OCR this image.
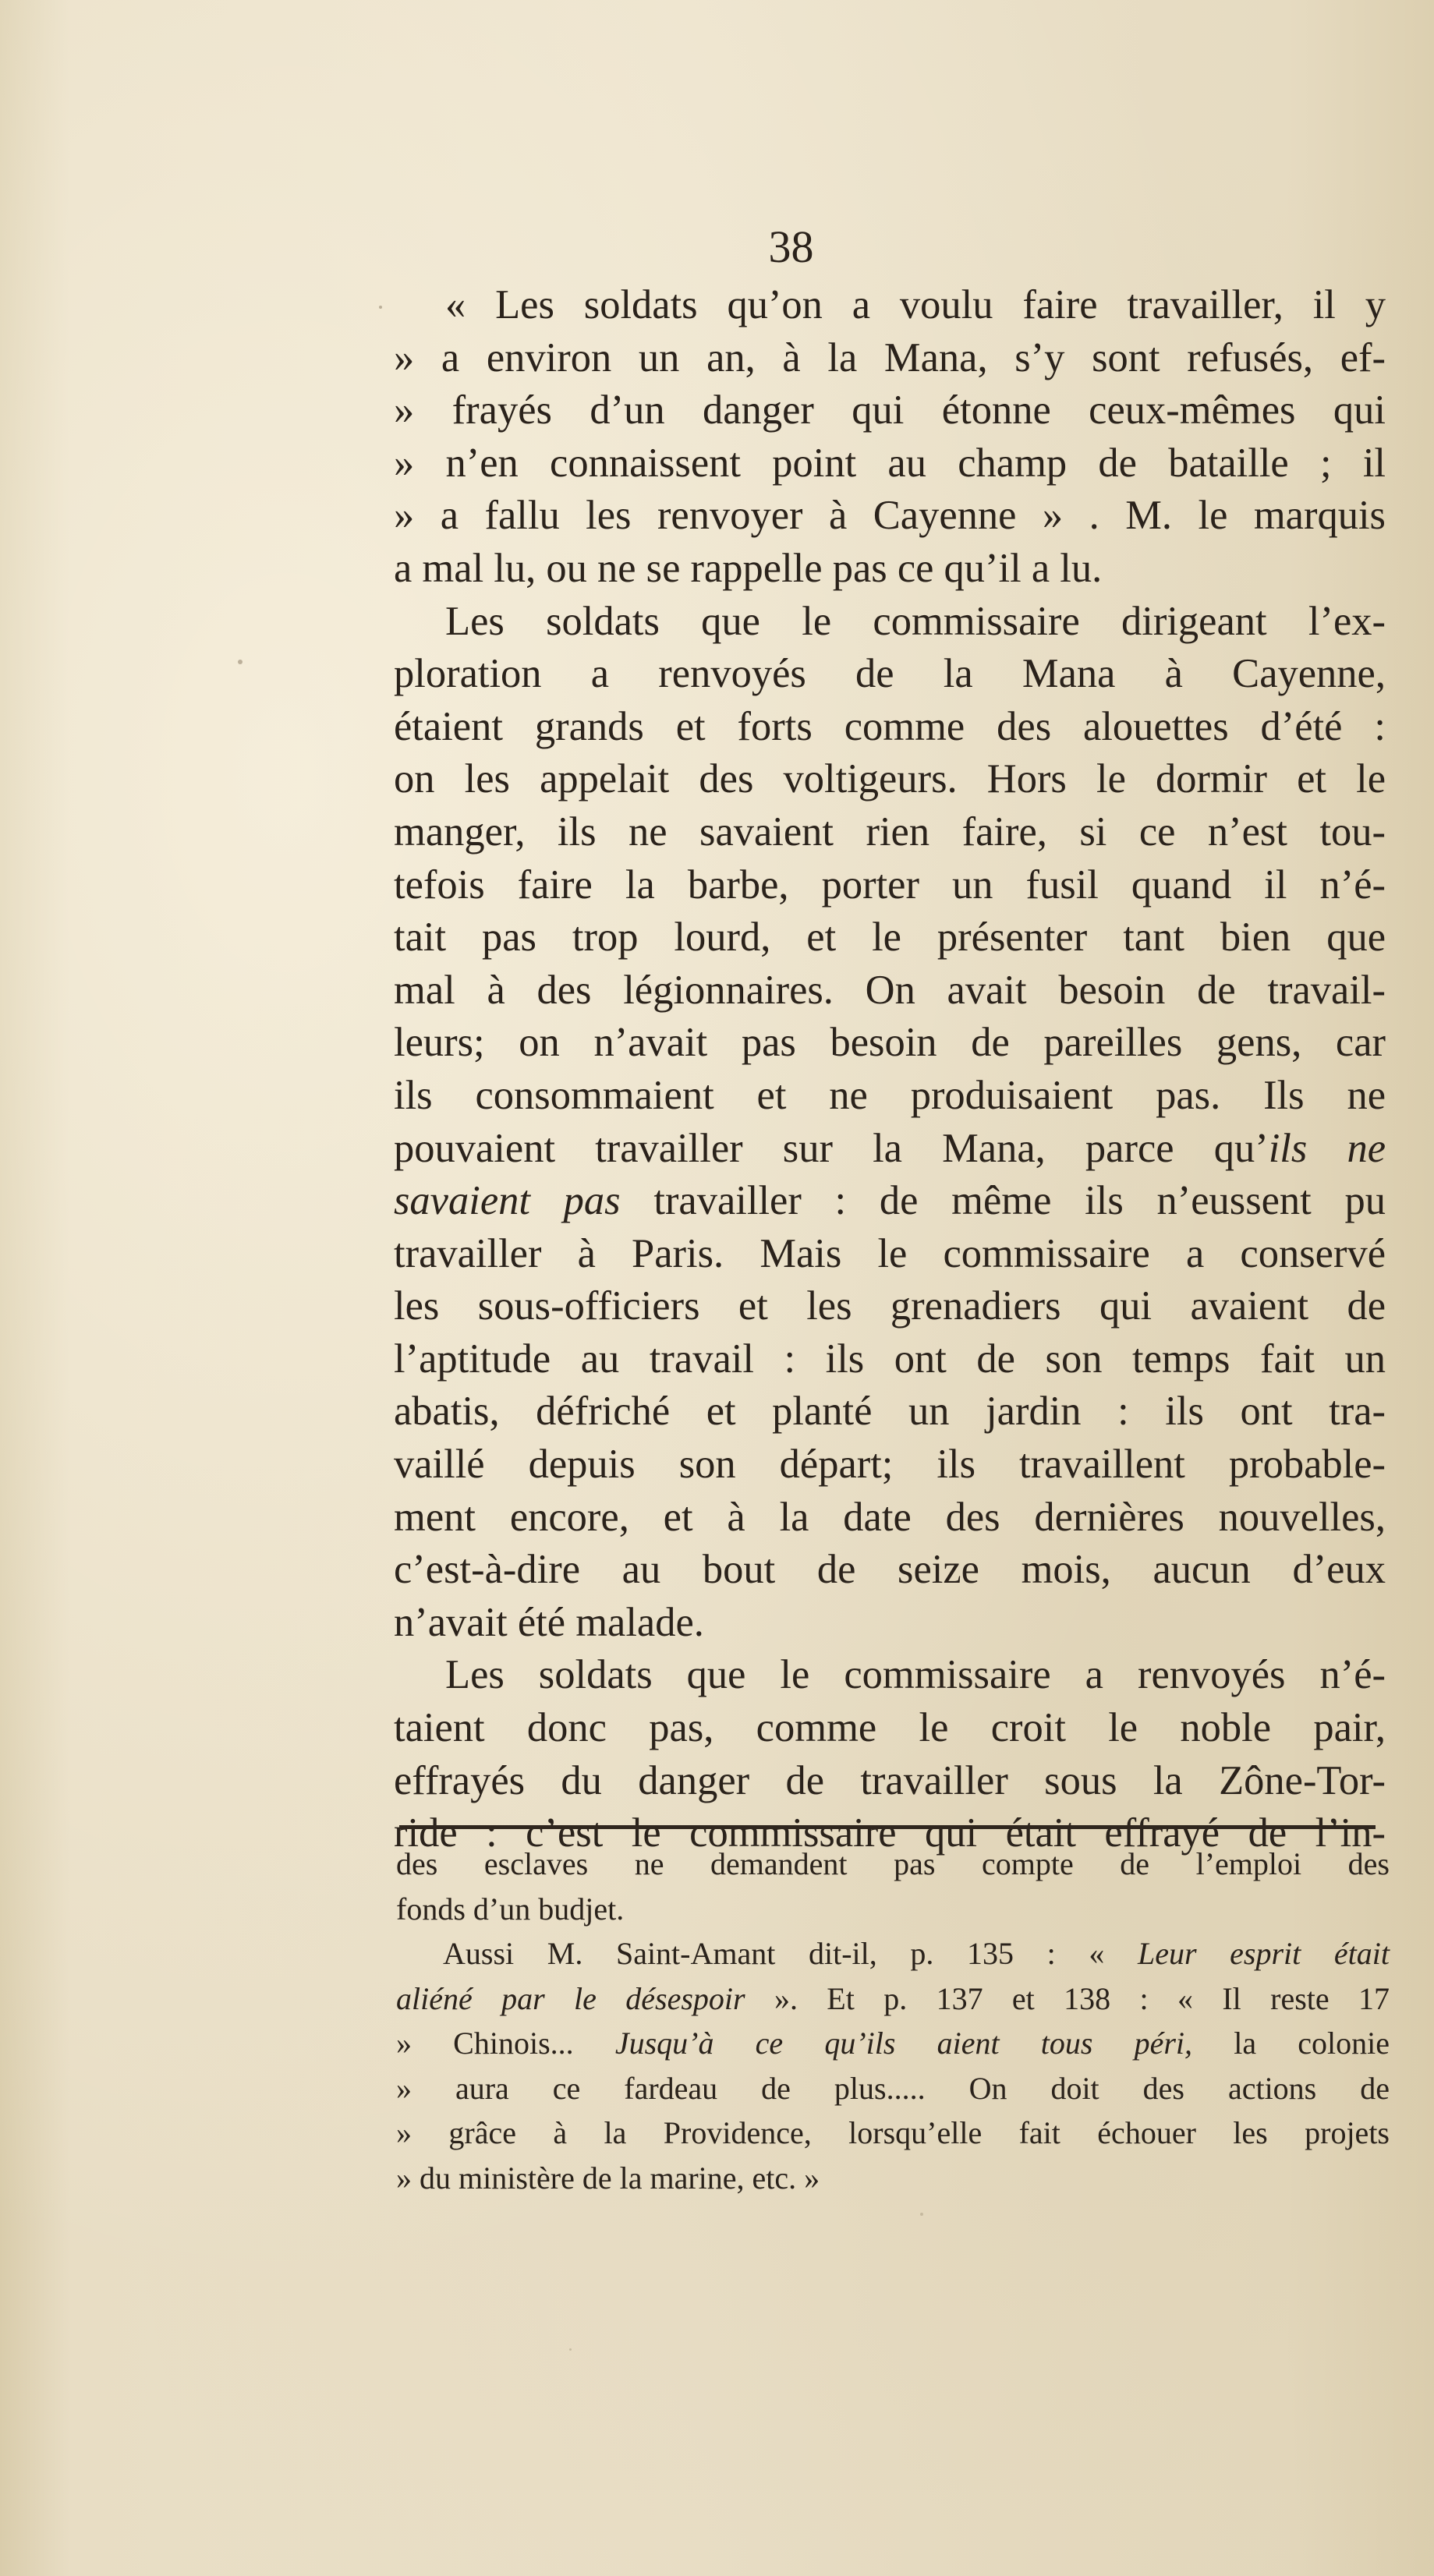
38
« Les soldats qu’on a voulu faire travailler, il y
» a environ un an, à la Mana, s’y sont refusés, ef-
» frayés d’un danger qui étonne ceux-mêmes qui
» n’en connaissent point au champ de bataille ; il
» a fallu les renvoyer à Cayenne » . M. le marquis
a mal lu, ou ne se rappelle pas ce qu’il a lu.
Les soldats que le commissaire dirigeant l’ex-
ploration a renvoyés de la Mana à Cayenne,
étaient grands et forts comme des alouettes d’été :
on les appelait des voltigeurs. Hors le dormir et le
manger, ils ne savaient rien faire, si ce n’est tou-
tefois faire la barbe, porter un fusil quand il n’é-
tait pas trop lourd, et le présenter tant bien que
mal à des légionnaires. On avait besoin de travail-
leurs; on n’avait pas besoin de pareilles gens, car
ils consommaient et ne produisaient pas. Ils ne
pouvaient travailler sur la Mana, parce qu’ils ne
savaient pas travailler : de même ils n’eussent pu
travailler à Paris. Mais le commissaire a conservé
les sous-officiers et les grenadiers qui avaient de
l’aptitude au travail : ils ont de son temps fait un
abatis, défriché et planté un jardin : ils ont tra-
vaillé depuis son départ; ils travaillent probable-
ment encore, et à la date des dernières nouvelles,
c’est-à-dire au bout de seize mois, aucun d’eux
n’avait été malade.
Les soldats que le commissaire a renvoyés n’é-
taient donc pas, comme le croit le noble pair,
effrayés du danger de travailler sous la Zône-Tor-
ride : c’est le commissaire qui était effrayé de l’in-
des esclaves ne demandent pas compte de l’emploi des
fonds d’un budjet.
Aussi M. Saint-Amant dit-il, p. 135 : « Leur esprit était
aliéné par le désespoir ». Et p. 137 et 138 : « Il reste 17
» Chinois... Jusqu’à ce qu’ils aient tous péri, la colonie
» aura ce fardeau de plus..... On doit des actions de
» grâce à la Providence, lorsqu’elle fait échouer les projets
» du ministère de la marine, etc. »
